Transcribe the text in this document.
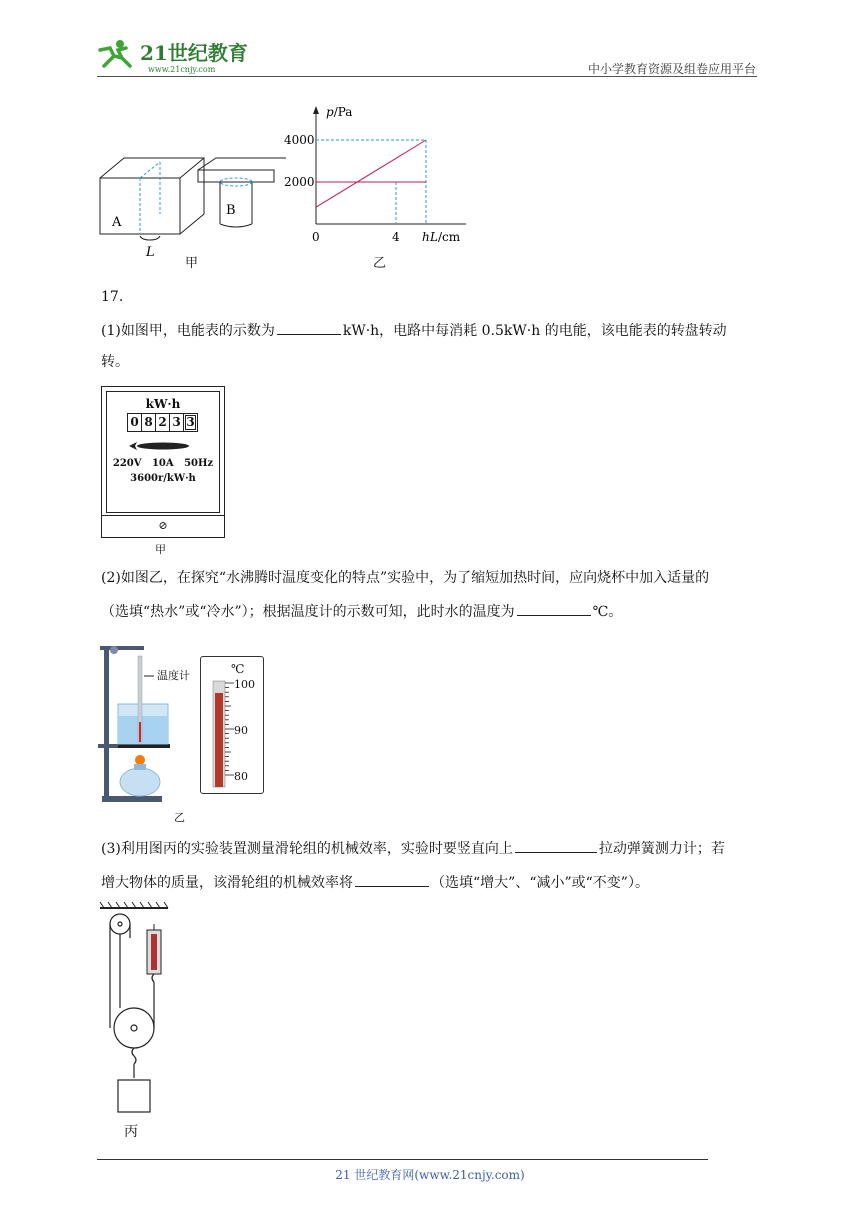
21世纪教育
www.21cnjy.com	中小学教育资源及组卷应用平台
A
B
L
甲
p/Pa
L/cm
4000
2000
0	4 h
乙
17.
(1)如图甲，电能表的示数为	kW·h，电路中每消耗 0.5kW·h 的电能，该电能表的转盘转动
转。
kW·h
0 8 2 3 3
220V   10A   50Hz
3600r/kW·h
⊘
甲
(2)如图乙，在探究“水沸腾时温度变化的特点”实验中，为了缩短加热时间，应向烧杯中加入适量的
（选填“热水”或“冷水”）；根据温度计的示数可知，此时水的温度为	℃。
温度计
乙
℃
100
90
80
(3)利用图丙的实验装置测量滑轮组的机械效率，实验时要竖直向上	拉动弹簧测力计；若
增大物体的质量，该滑轮组的机械效率将	（选填“增大”、“减小”或“不变”）。
丙
21 世纪教育网(www.21cnjy.com)
